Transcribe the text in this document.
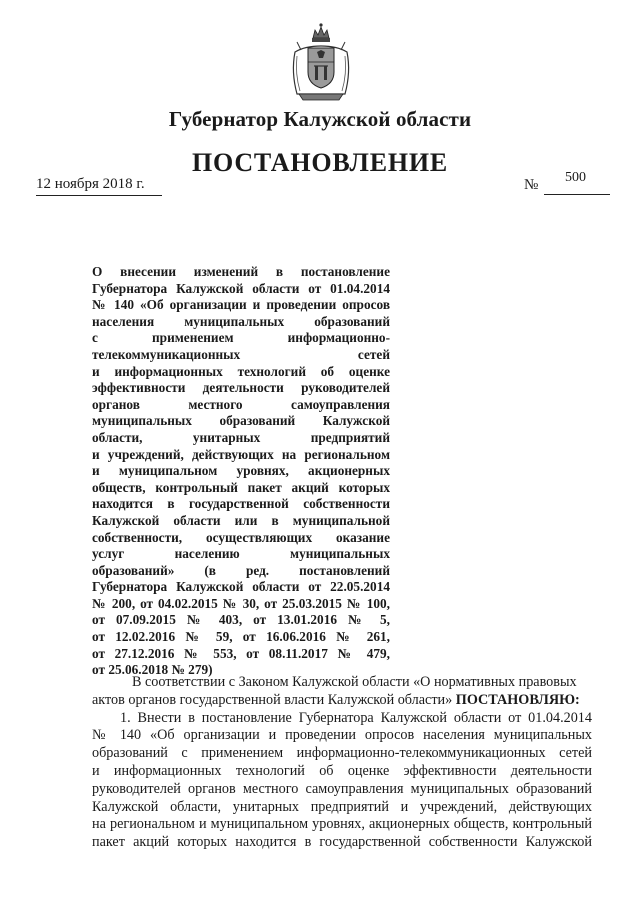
Губернатор Калужской области
ПОСТАНОВЛЕНИЕ
12 ноября 2018 г.	№ 500
О внесении изменений в постановление
Губернатора Калужской области от 01.04.2014
№ 140 «Об организации и проведении опросов
населения муниципальных образований
с применением информационно-
телекоммуникационных сетей
и информационных технологий об оценке
эффективности деятельности руководителей
органов местного самоуправления
муниципальных образований Калужской
области, унитарных предприятий
и учреждений, действующих на региональном
и муниципальном уровнях, акционерных
обществ, контрольный пакет акций которых
находится в государственной собственности
Калужской области или в муниципальной
собственности, осуществляющих оказание
услуг населению муниципальных
образований» (в ред. постановлений
Губернатора Калужской области от 22.05.2014
№ 200, от 04.02.2015 № 30, от 25.03.2015 № 100,
от 07.09.2015 № 403, от 13.01.2016 № 5,
от 12.02.2016 № 59, от 16.06.2016 № 261,
от 27.12.2016 № 553, от 08.11.2017 № 479,
от 25.06.2018 № 279)
В соответствии с Законом Калужской области «О нормативных правовых
актов органов государственной власти Калужской области» ПОСТАНОВЛЯЮ:
1. Внести в постановление Губернатора Калужской области от 01.04.2014
№ 140 «Об организации и проведении опросов населения муниципальных
образований с применением информационно-телекоммуникационных сетей
и информационных технологий об оценке эффективности деятельности
руководителей органов местного самоуправления муниципальных образований
Калужской области, унитарных предприятий и учреждений, действующих
на региональном и муниципальном уровнях, акционерных обществ, контрольный
пакет акций которых находится в государственной собственности Калужской
